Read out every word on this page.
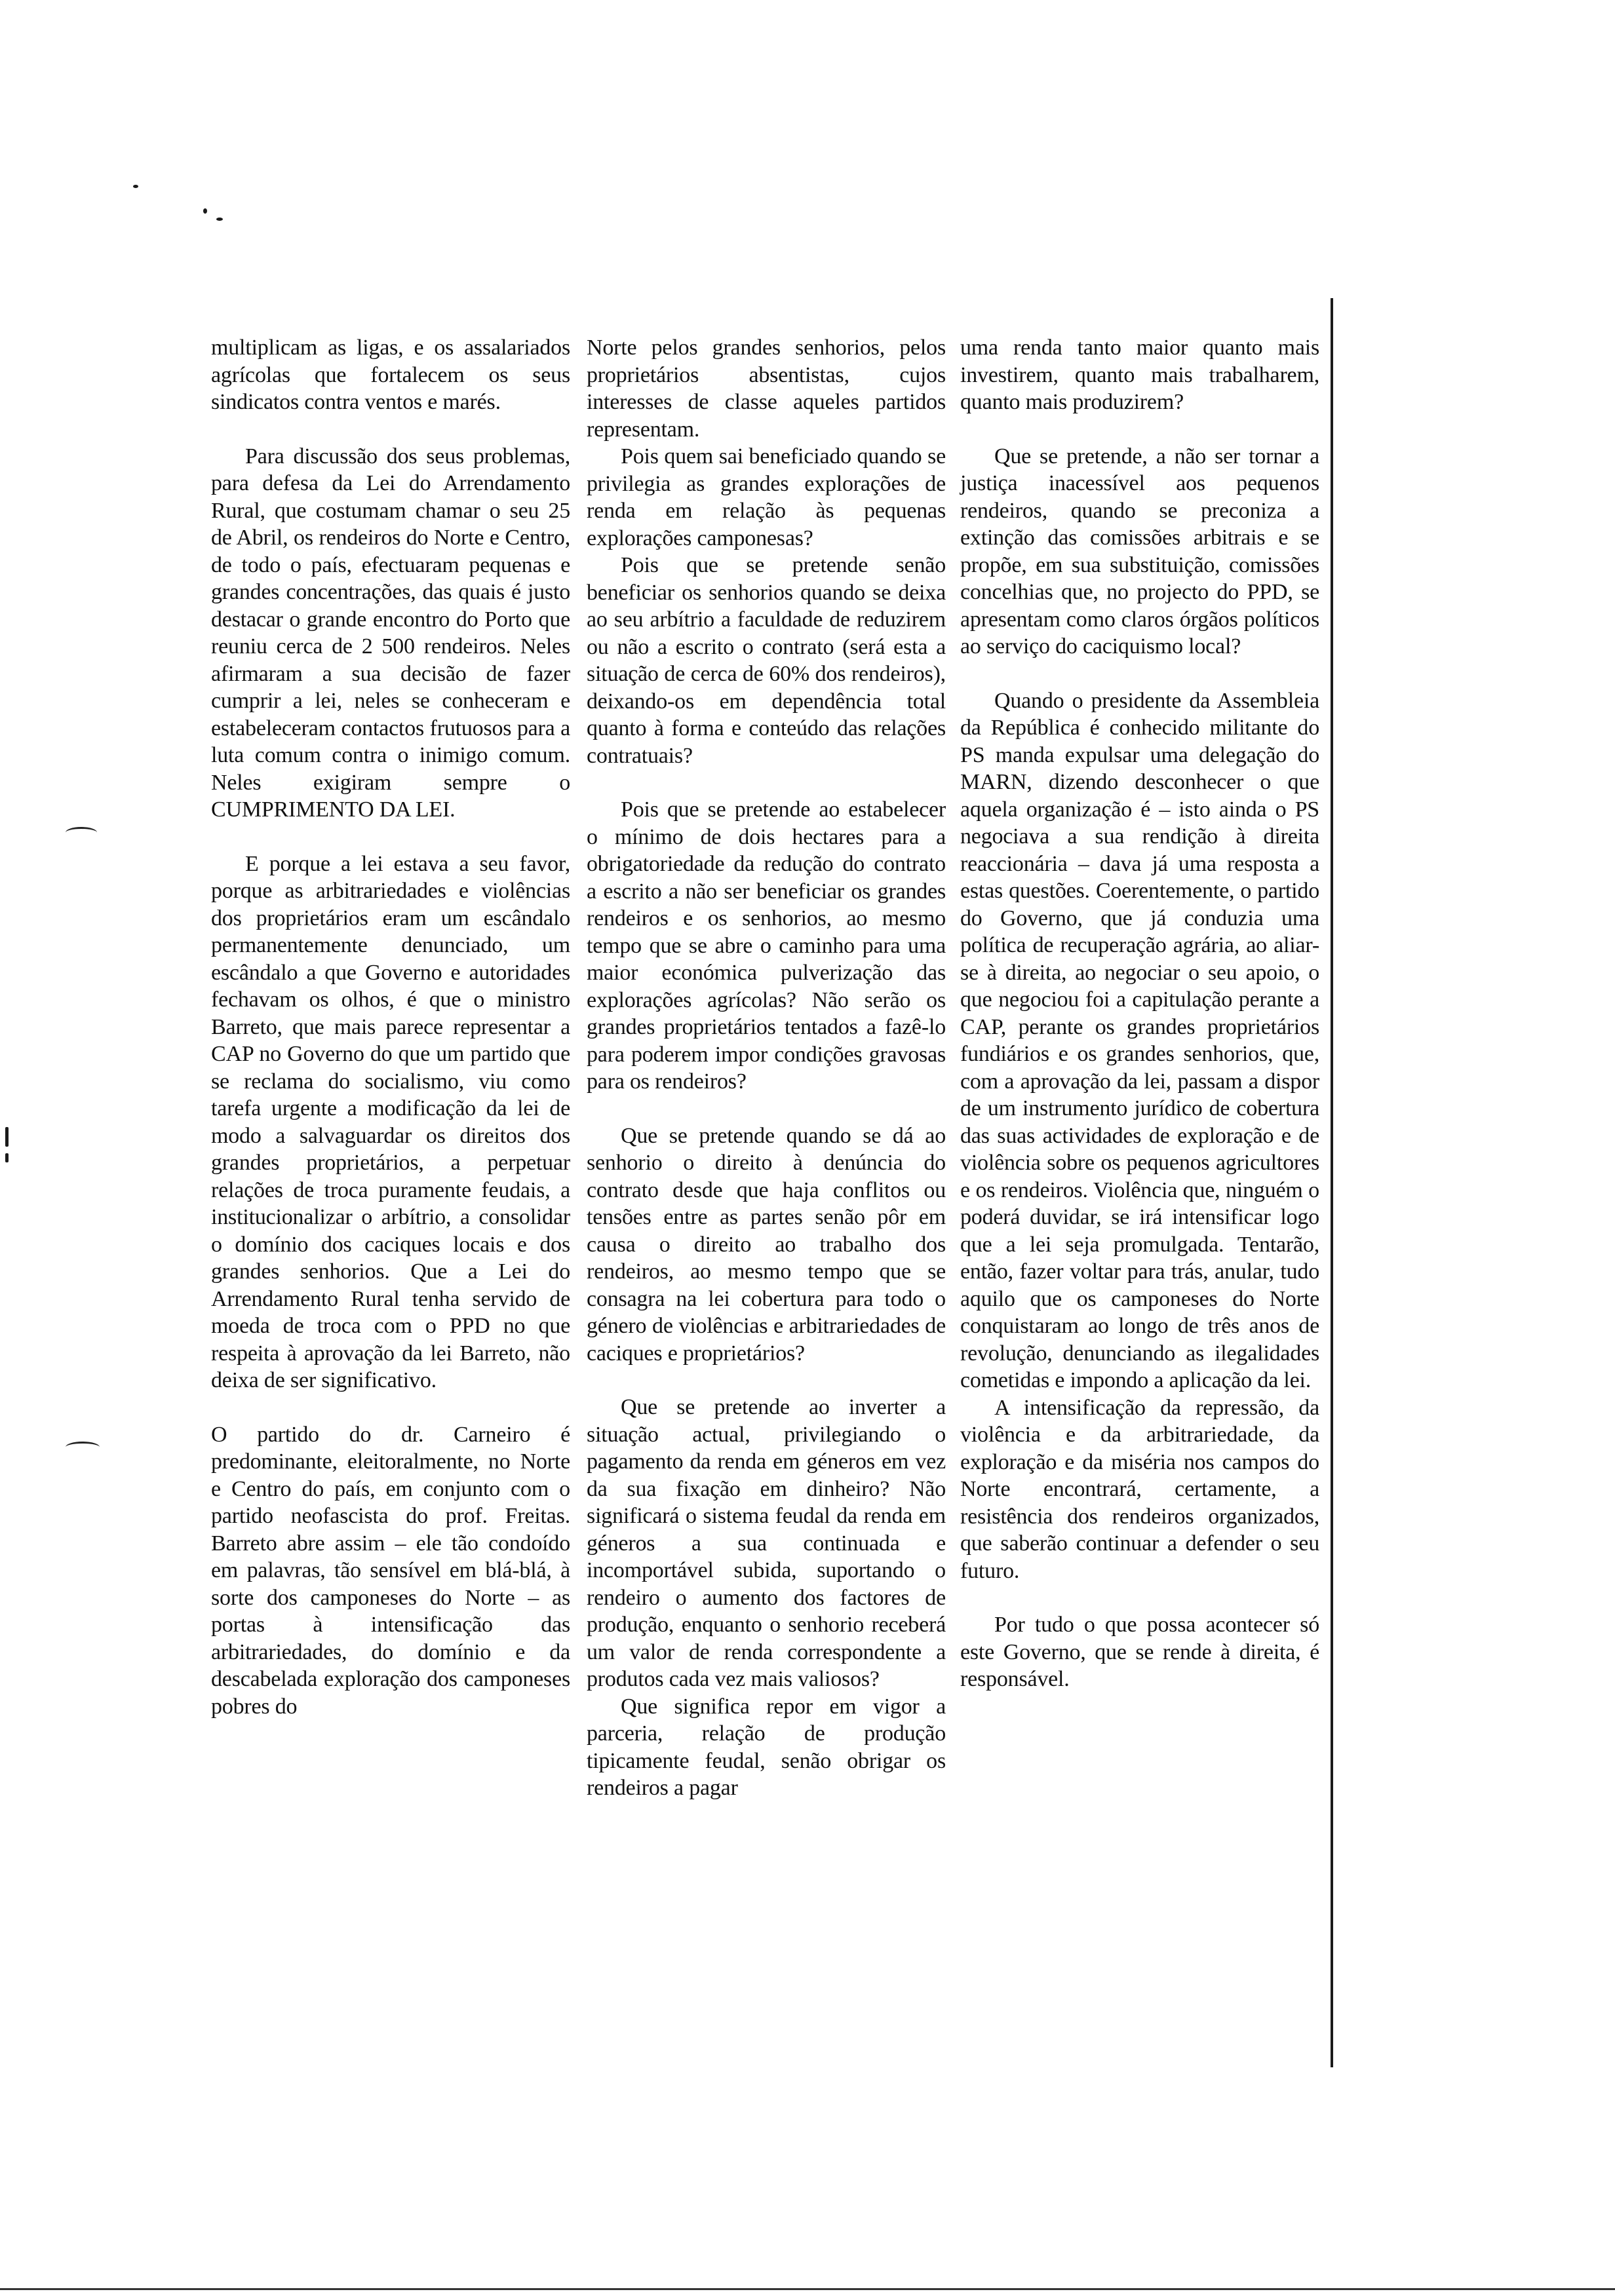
multiplicam as ligas, e os assalariados agrícolas que fortalecem os seus sindicatos contra ventos e marés.

Para discussão dos seus problemas, para defesa da Lei do Arrendamento Rural, que costumam chamar o seu 25 de Abril, os rendeiros do Norte e Centro, de todo o país, efectuaram pequenas e grandes concentrações, das quais é justo destacar o grande encontro do Porto que reuniu cerca de 2 500 rendeiros. Neles afirmaram a sua decisão de fazer cumprir a lei, neles se conheceram e estabeleceram contactos frutuosos para a luta comum contra o inimigo comum. Neles exigiram sempre o CUMPRIMENTO DA LEI.

E porque a lei estava a seu favor, porque as arbitrariedades e violências dos proprietários eram um escândalo permanentemente denunciado, um escândalo a que Governo e autoridades fechavam os olhos, é que o ministro Barreto, que mais parece representar a CAP no Governo do que um partido que se reclama do socialismo, viu como tarefa urgente a modificação da lei de modo a salvaguardar os direitos dos grandes proprietários, a perpetuar relações de troca puramente feudais, a institucionalizar o arbítrio, a consolidar o domínio dos caciques locais e dos grandes senhorios. Que a Lei do Arrendamento Rural tenha servido de moeda de troca com o PPD no que respeita à aprovação da lei Barreto, não deixa de ser significativo.

O partido do dr. Carneiro é predominante, eleitoralmente, no Norte e Centro do país, em conjunto com o partido neofascista do prof. Freitas. Barreto abre assim – ele tão condoído em palavras, tão sensível em blá-blá, à sorte dos camponeses do Norte – as portas à intensificação das arbitrariedades, do domínio e da descabelada exploração dos camponeses pobres do

Norte pelos grandes senhorios, pelos proprietários absentistas, cujos interesses de classe aqueles partidos representam.

Pois quem sai beneficiado quando se privilegia as grandes explorações de renda em relação às pequenas explorações camponesas?

Pois que se pretende senão beneficiar os senhorios quando se deixa ao seu arbítrio a faculdade de reduzirem ou não a escrito o contrato (será esta a situação de cerca de 60% dos rendeiros), deixando-os em dependência total quanto à forma e conteúdo das relações contratuais?

Pois que se pretende ao estabelecer o mínimo de dois hectares para a obrigatoriedade da redução do contrato a escrito a não ser beneficiar os grandes rendeiros e os senhorios, ao mesmo tempo que se abre o caminho para uma maior económica pulverização das explorações agrícolas? Não serão os grandes proprietários tentados a fazê-lo para poderem impor condições gravosas para os rendeiros?

Que se pretende quando se dá ao senhorio o direito à denúncia do contrato desde que haja conflitos ou tensões entre as partes senão pôr em causa o direito ao trabalho dos rendeiros, ao mesmo tempo que se consagra na lei cobertura para todo o género de violências e arbitrariedades de caciques e proprietários?

Que se pretende ao inverter a situação actual, privilegiando o pagamento da renda em géneros em vez da sua fixação em dinheiro? Não significará o sistema feudal da renda em géneros a sua continuada e incomportável subida, suportando o rendeiro o aumento dos factores de produção, enquanto o senhorio receberá um valor de renda correspondente a produtos cada vez mais valiosos?

Que significa repor em vigor a parceria, relação de produção tipicamente feudal, senão obrigar os rendeiros a pagar

uma renda tanto maior quanto mais investirem, quanto mais trabalharem, quanto mais produzirem?

Que se pretende, a não ser tornar a justiça inacessível aos pequenos rendeiros, quando se preconiza a extinção das comissões arbitrais e se propõe, em sua substituição, comissões concelhias que, no projecto do PPD, se apresentam como claros órgãos políticos ao serviço do caciquismo local?

Quando o presidente da Assembleia da República é conhecido militante do PS manda expulsar uma delegação do MARN, dizendo desconhecer o que aquela organização é – isto ainda o PS negociava a sua rendição à direita reaccionária – dava já uma resposta a estas questões. Coerentemente, o partido do Governo, que já conduzia uma política de recuperação agrária, ao aliar-se à direita, ao negociar o seu apoio, o que negociou foi a capitulação perante a CAP, perante os grandes proprietários fundiários e os grandes senhorios, que, com a aprovação da lei, passam a dispor de um instrumento jurídico de cobertura das suas actividades de exploração e de violência sobre os pequenos agricultores e os rendeiros. Violência que, ninguém o poderá duvidar, se irá intensificar logo que a lei seja promulgada. Tentarão, então, fazer voltar para trás, anular, tudo aquilo que os camponeses do Norte conquistaram ao longo de três anos de revolução, denunciando as ilegalidades cometidas e impondo a aplicação da lei.

A intensificação da repressão, da violência e da arbitrariedade, da exploração e da miséria nos campos do Norte encontrará, certamente, a resistência dos rendeiros organizados, que saberão continuar a defender o seu futuro.

Por tudo o que possa acontecer só este Governo, que se rende à direita, é responsável.
